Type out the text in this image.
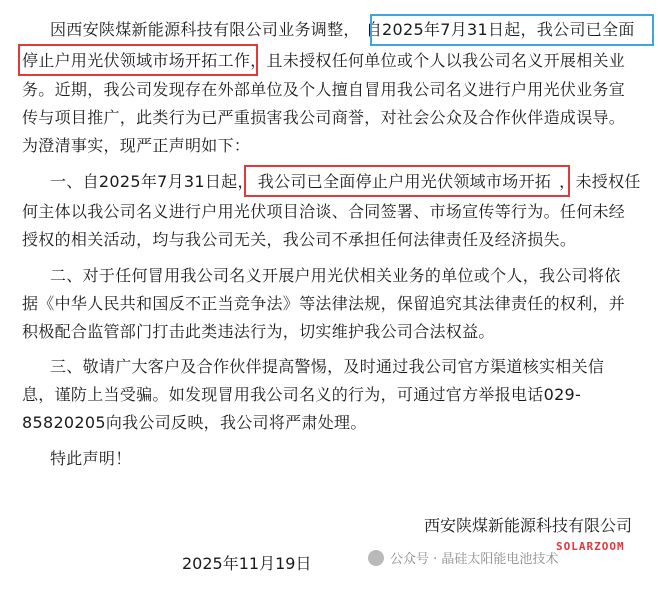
因西安陕煤新能源科技有限公司业务调整， 自2025年7月31日起，我公司已全面
停止户用光伏领域市场开拓工作，且未授权任何单位或个人以我公司名义开展相关业
务。近期，我公司发现存在外部单位及个人擅自冒用我公司名义进行户用光伏业务宣
传与项目推广，此类行为已严重损害我公司商誉，对社会公众及合作伙伴造成误导。
为澄清事实，现严正声明如下：
一、自2025年7月31日起， 我公司已全面停止户用光伏领域市场开拓 ，未授权任
何主体以我公司名义进行户用光伏项目洽谈、合同签署、市场宣传等行为。任何未经
授权的相关活动，均与我公司无关，我公司不承担任何法律责任及经济损失。
二、对于任何冒用我公司名义开展户用光伏相关业务的单位或个人，我公司将依
据《中华人民共和国反不正当竞争法》等法律法规，保留追究其法律责任的权利，并
积极配合监管部门打击此类违法行为，切实维护我公司合法权益。
三、敬请广大客户及合作伙伴提高警惕，及时通过我公司官方渠道核实相关信
息，谨防上当受骗。如发现冒用我公司名义的行为，可通过官方举报电话029-
85820205向我公司反映，我公司将严肃处理。
特此声明！
西安陕煤新能源科技有限公司
2025年11月19日	公众号 · 晶硅太阳能电池技术
SOLARZOOM
